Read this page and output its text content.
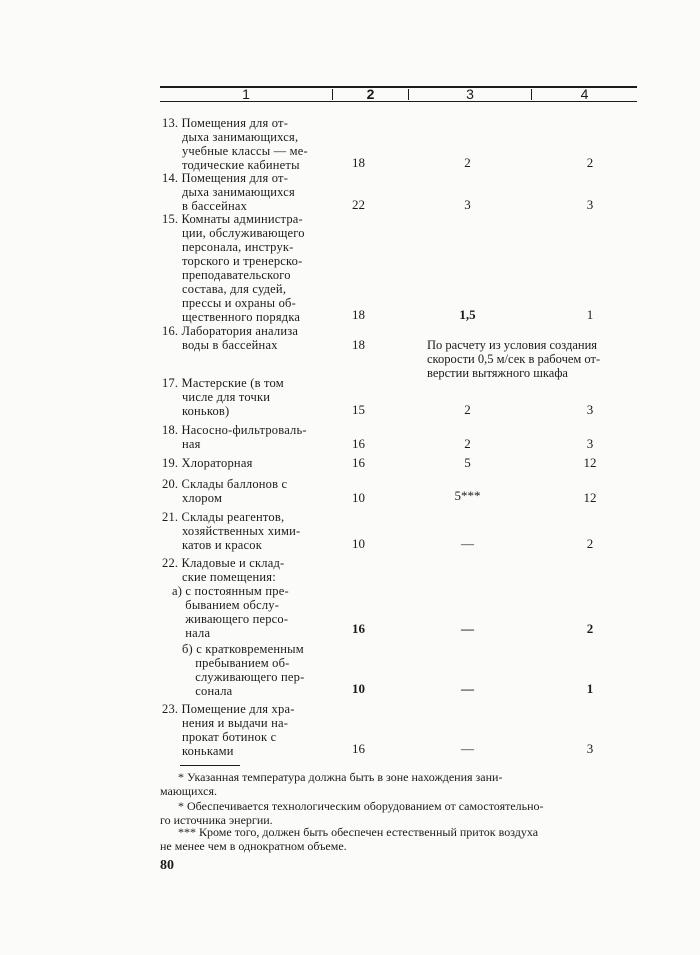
1	2	3	4
13. Помещения для от-
дыха занимающихся,
учебные классы — ме-
тодические кабинеты	18	2	2
14. Помещения для от-
дыха занимающихся
в бассейнах	22	3	3
15. Комнаты администра-
ции, обслуживающего
персонала, инструк-
торского и тренерско-
преподавательского
состава, для судей,
прессы и охраны об-
щественного порядка	18	1,5	1
16. Лаборатория анализа
воды в бассейнах	18	По расчету из условия создания
скорости 0,5 м/сек в рабочем от-
верстии вытяжного шкафа
17. Мастерские (в том
числе для точки
коньков)	15	2	3
18. Насосно-фильтроваль-
ная	16	2	3
19. Хлораторная	16	5	12
20. Склады баллонов с
хлором	10	5***	12
21. Склады реагентов,
хозяйственных хими-
катов и красок	10	—	2
22. Кладовые и склад-
ские помещения:
а) с постоянным пре-
быванием обслу-
живающего персо-
нала	16	—	2
б) с кратковременным
пребыванием об-
служивающего пер-
сонала	10	—	1
23. Помещение для хра-
нения и выдачи на-
прокат ботинок с
коньками	16	—	3
* Указанная температура должна быть в зоне нахождения зани-
мающихся.
* Обеспечивается технологическим оборудованием от самостоятельно-
го источника энергии.
*** Кроме того, должен быть обеспечен естественный приток воздуха
не менее чем в однократном объеме.
80
